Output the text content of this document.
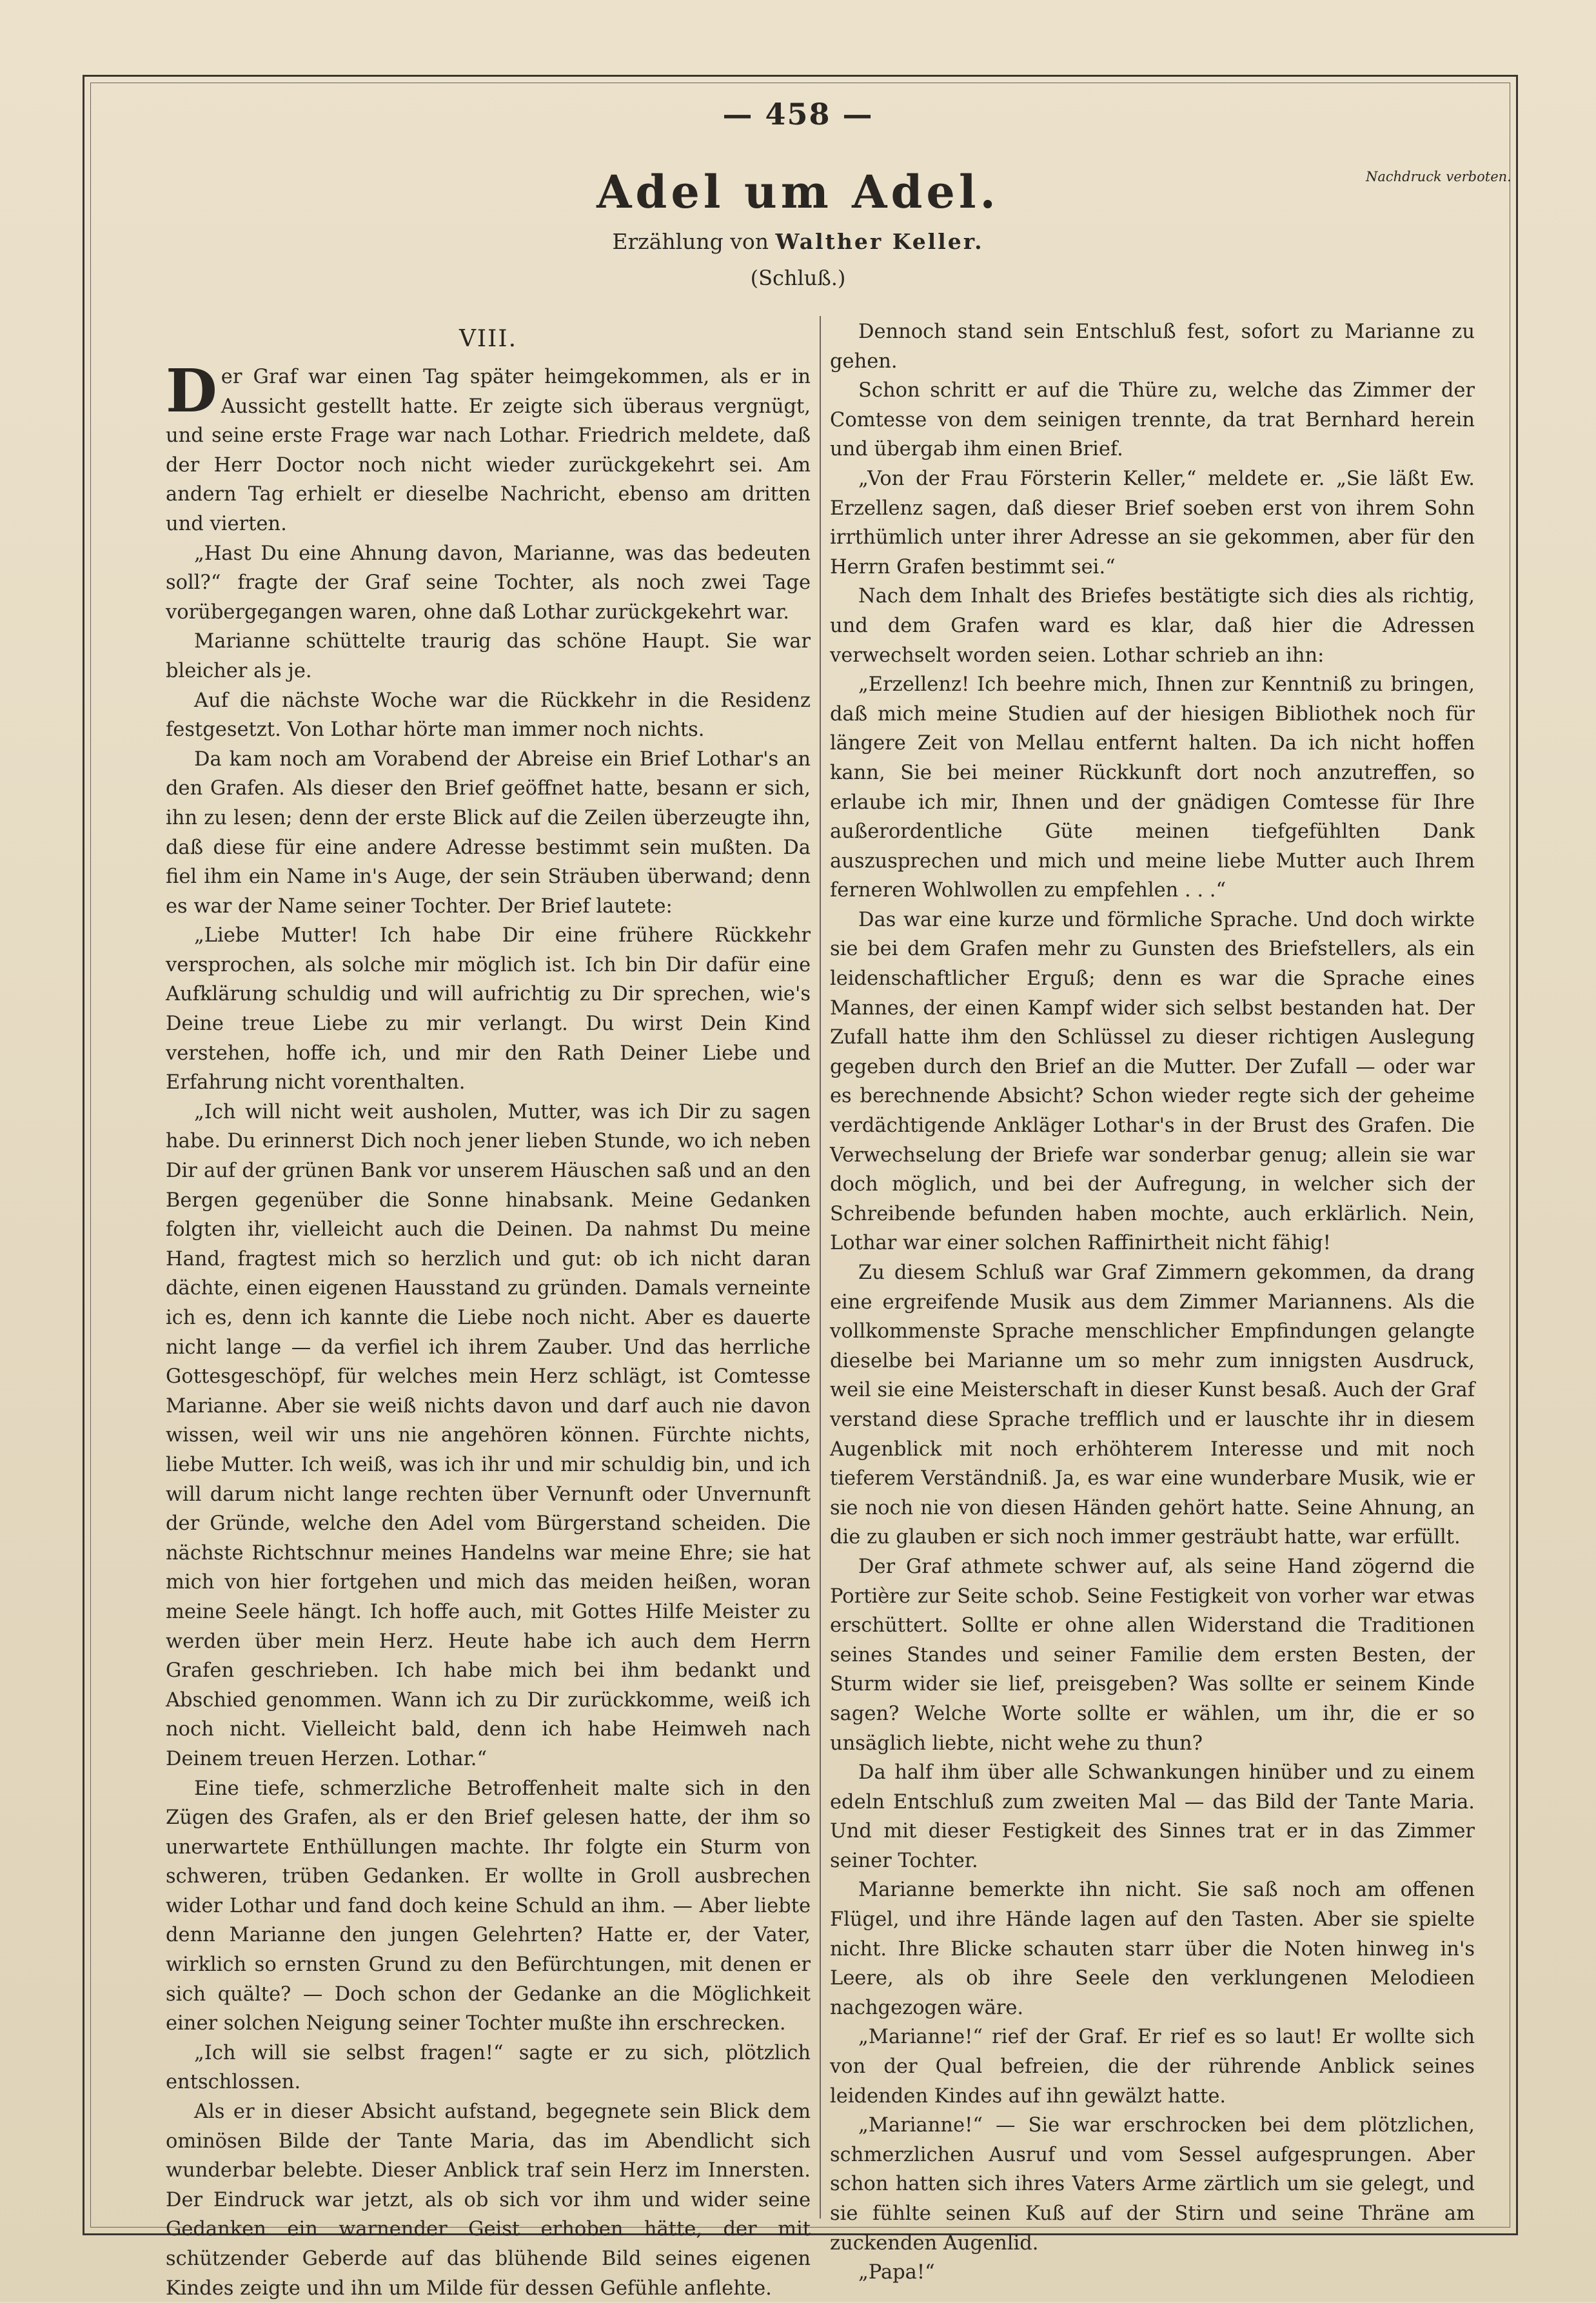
— 458 —
Nachdruck verboten.
Adel um Adel.
Erzählung von Walther Keller.
(Schluß.)
VIII.

Der Graf war einen Tag später heimgekommen, als er in Aussicht gestellt hatte. Er zeigte sich überaus vergnügt, und seine erste Frage war nach Lothar. Friedrich meldete, daß der Herr Doctor noch nicht wieder zurückgekehrt sei. Am andern Tag erhielt er dieselbe Nachricht, ebenso am dritten und vierten.

„Hast Du eine Ahnung davon, Marianne, was das bedeuten soll?“ fragte der Graf seine Tochter, als noch zwei Tage vorübergegangen waren, ohne daß Lothar zurückgekehrt war.

Marianne schüttelte traurig das schöne Haupt. Sie war bleicher als je.

Auf die nächste Woche war die Rückkehr in die Residenz festgesetzt. Von Lothar hörte man immer noch nichts.

Da kam noch am Vorabend der Abreise ein Brief Lothar's an den Grafen. Als dieser den Brief geöffnet hatte, besann er sich, ihn zu lesen; denn der erste Blick auf die Zeilen überzeugte ihn, daß diese für eine andere Adresse bestimmt sein mußten. Da fiel ihm ein Name in's Auge, der sein Sträuben überwand; denn es war der Name seiner Tochter. Der Brief lautete:

„Liebe Mutter! Ich habe Dir eine frühere Rückkehr versprochen, als solche mir möglich ist. Ich bin Dir dafür eine Aufklärung schuldig und will aufrichtig zu Dir sprechen, wie's Deine treue Liebe zu mir verlangt. Du wirst Dein Kind verstehen, hoffe ich, und mir den Rath Deiner Liebe und Erfahrung nicht vorenthalten.

„Ich will nicht weit ausholen, Mutter, was ich Dir zu sagen habe. Du erinnerst Dich noch jener lieben Stunde, wo ich neben Dir auf der grünen Bank vor unserem Häuschen saß und an den Bergen gegenüber die Sonne hinabsank. Meine Gedanken folgten ihr, vielleicht auch die Deinen. Da nahmst Du meine Hand, fragtest mich so herzlich und gut: ob ich nicht daran dächte, einen eigenen Hausstand zu gründen. Damals verneinte ich es, denn ich kannte die Liebe noch nicht. Aber es dauerte nicht lange — da verfiel ich ihrem Zauber. Und das herrliche Gottesgeschöpf, für welches mein Herz schlägt, ist Comtesse Marianne. Aber sie weiß nichts davon und darf auch nie davon wissen, weil wir uns nie angehören können. Fürchte nichts, liebe Mutter. Ich weiß, was ich ihr und mir schuldig bin, und ich will darum nicht lange rechten über Vernunft oder Unvernunft der Gründe, welche den Adel vom Bürgerstand scheiden. Die nächste Richtschnur meines Handelns war meine Ehre; sie hat mich von hier fortgehen und mich das meiden heißen, woran meine Seele hängt. Ich hoffe auch, mit Gottes Hilfe Meister zu werden über mein Herz. Heute habe ich auch dem Herrn Grafen geschrieben. Ich habe mich bei ihm bedankt und Abschied genommen. Wann ich zu Dir zurückkomme, weiß ich noch nicht. Vielleicht bald, denn ich habe Heimweh nach Deinem treuen Herzen. Lothar.“

Eine tiefe, schmerzliche Betroffenheit malte sich in den Zügen des Grafen, als er den Brief gelesen hatte, der ihm so unerwartete Enthüllungen machte. Ihr folgte ein Sturm von schweren, trüben Gedanken. Er wollte in Groll ausbrechen wider Lothar und fand doch keine Schuld an ihm. — Aber liebte denn Marianne den jungen Gelehrten? Hatte er, der Vater, wirklich so ernsten Grund zu den Befürchtungen, mit denen er sich quälte? — Doch schon der Gedanke an die Möglichkeit einer solchen Neigung seiner Tochter mußte ihn erschrecken.

„Ich will sie selbst fragen!“ sagte er zu sich, plötzlich entschlossen.

Als er in dieser Absicht aufstand, begegnete sein Blick dem ominösen Bilde der Tante Maria, das im Abendlicht sich wunderbar belebte. Dieser Anblick traf sein Herz im Innersten. Der Eindruck war jetzt, als ob sich vor ihm und wider seine Gedanken ein warnender Geist erhoben hätte, der mit schützender Geberde auf das blühende Bild seines eigenen Kindes zeigte und ihn um Milde für dessen Gefühle anflehte.

Dennoch stand sein Entschluß fest, sofort zu Marianne zu gehen.

Schon schritt er auf die Thüre zu, welche das Zimmer der Comtesse von dem seinigen trennte, da trat Bernhard herein und übergab ihm einen Brief.

„Von der Frau Försterin Keller,“ meldete er. „Sie läßt Ew. Erzellenz sagen, daß dieser Brief soeben erst von ihrem Sohn irrthümlich unter ihrer Adresse an sie gekommen, aber für den Herrn Grafen bestimmt sei.“

Nach dem Inhalt des Briefes bestätigte sich dies als richtig, und dem Grafen ward es klar, daß hier die Adressen verwechselt worden seien. Lothar schrieb an ihn:

„Erzellenz! Ich beehre mich, Ihnen zur Kenntniß zu bringen, daß mich meine Studien auf der hiesigen Bibliothek noch für längere Zeit von Mellau entfernt halten. Da ich nicht hoffen kann, Sie bei meiner Rückkunft dort noch anzutreffen, so erlaube ich mir, Ihnen und der gnädigen Comtesse für Ihre außerordentliche Güte meinen tiefgefühlten Dank auszusprechen und mich und meine liebe Mutter auch Ihrem ferneren Wohlwollen zu empfehlen . . .“

Das war eine kurze und förmliche Sprache. Und doch wirkte sie bei dem Grafen mehr zu Gunsten des Briefstellers, als ein leidenschaftlicher Erguß; denn es war die Sprache eines Mannes, der einen Kampf wider sich selbst bestanden hat. Der Zufall hatte ihm den Schlüssel zu dieser richtigen Auslegung gegeben durch den Brief an die Mutter. Der Zufall — oder war es berechnende Absicht? Schon wieder regte sich der geheime verdächtigende Ankläger Lothar's in der Brust des Grafen. Die Verwechselung der Briefe war sonderbar genug; allein sie war doch möglich, und bei der Aufregung, in welcher sich der Schreibende befunden haben mochte, auch erklärlich. Nein, Lothar war einer solchen Raffinirtheit nicht fähig!

Zu diesem Schluß war Graf Zimmern gekommen, da drang eine ergreifende Musik aus dem Zimmer Mariannens. Als die vollkommenste Sprache menschlicher Empfindungen gelangte dieselbe bei Marianne um so mehr zum innigsten Ausdruck, weil sie eine Meisterschaft in dieser Kunst besaß. Auch der Graf verstand diese Sprache trefflich und er lauschte ihr in diesem Augenblick mit noch erhöhterem Interesse und mit noch tieferem Verständniß. Ja, es war eine wunderbare Musik, wie er sie noch nie von diesen Händen gehört hatte. Seine Ahnung, an die zu glauben er sich noch immer gesträubt hatte, war erfüllt.

Der Graf athmete schwer auf, als seine Hand zögernd die Portière zur Seite schob. Seine Festigkeit von vorher war etwas erschüttert. Sollte er ohne allen Widerstand die Traditionen seines Standes und seiner Familie dem ersten Besten, der Sturm wider sie lief, preisgeben? Was sollte er seinem Kinde sagen? Welche Worte sollte er wählen, um ihr, die er so unsäglich liebte, nicht wehe zu thun?

Da half ihm über alle Schwankungen hinüber und zu einem edeln Entschluß zum zweiten Mal — das Bild der Tante Maria. Und mit dieser Festigkeit des Sinnes trat er in das Zimmer seiner Tochter.

Marianne bemerkte ihn nicht. Sie saß noch am offenen Flügel, und ihre Hände lagen auf den Tasten. Aber sie spielte nicht. Ihre Blicke schauten starr über die Noten hinweg in's Leere, als ob ihre Seele den verklungenen Melodieen nachgezogen wäre.

„Marianne!“ rief der Graf. Er rief es so laut! Er wollte sich von der Qual befreien, die der rührende Anblick seines leidenden Kindes auf ihn gewälzt hatte.

„Marianne!“ — Sie war erschrocken bei dem plötzlichen, schmerzlichen Ausruf und vom Sessel aufgesprungen. Aber schon hatten sich ihres Vaters Arme zärtlich um sie gelegt, und sie fühlte seinen Kuß auf der Stirn und seine Thräne am zuckenden Augenlid.

„Papa!“
